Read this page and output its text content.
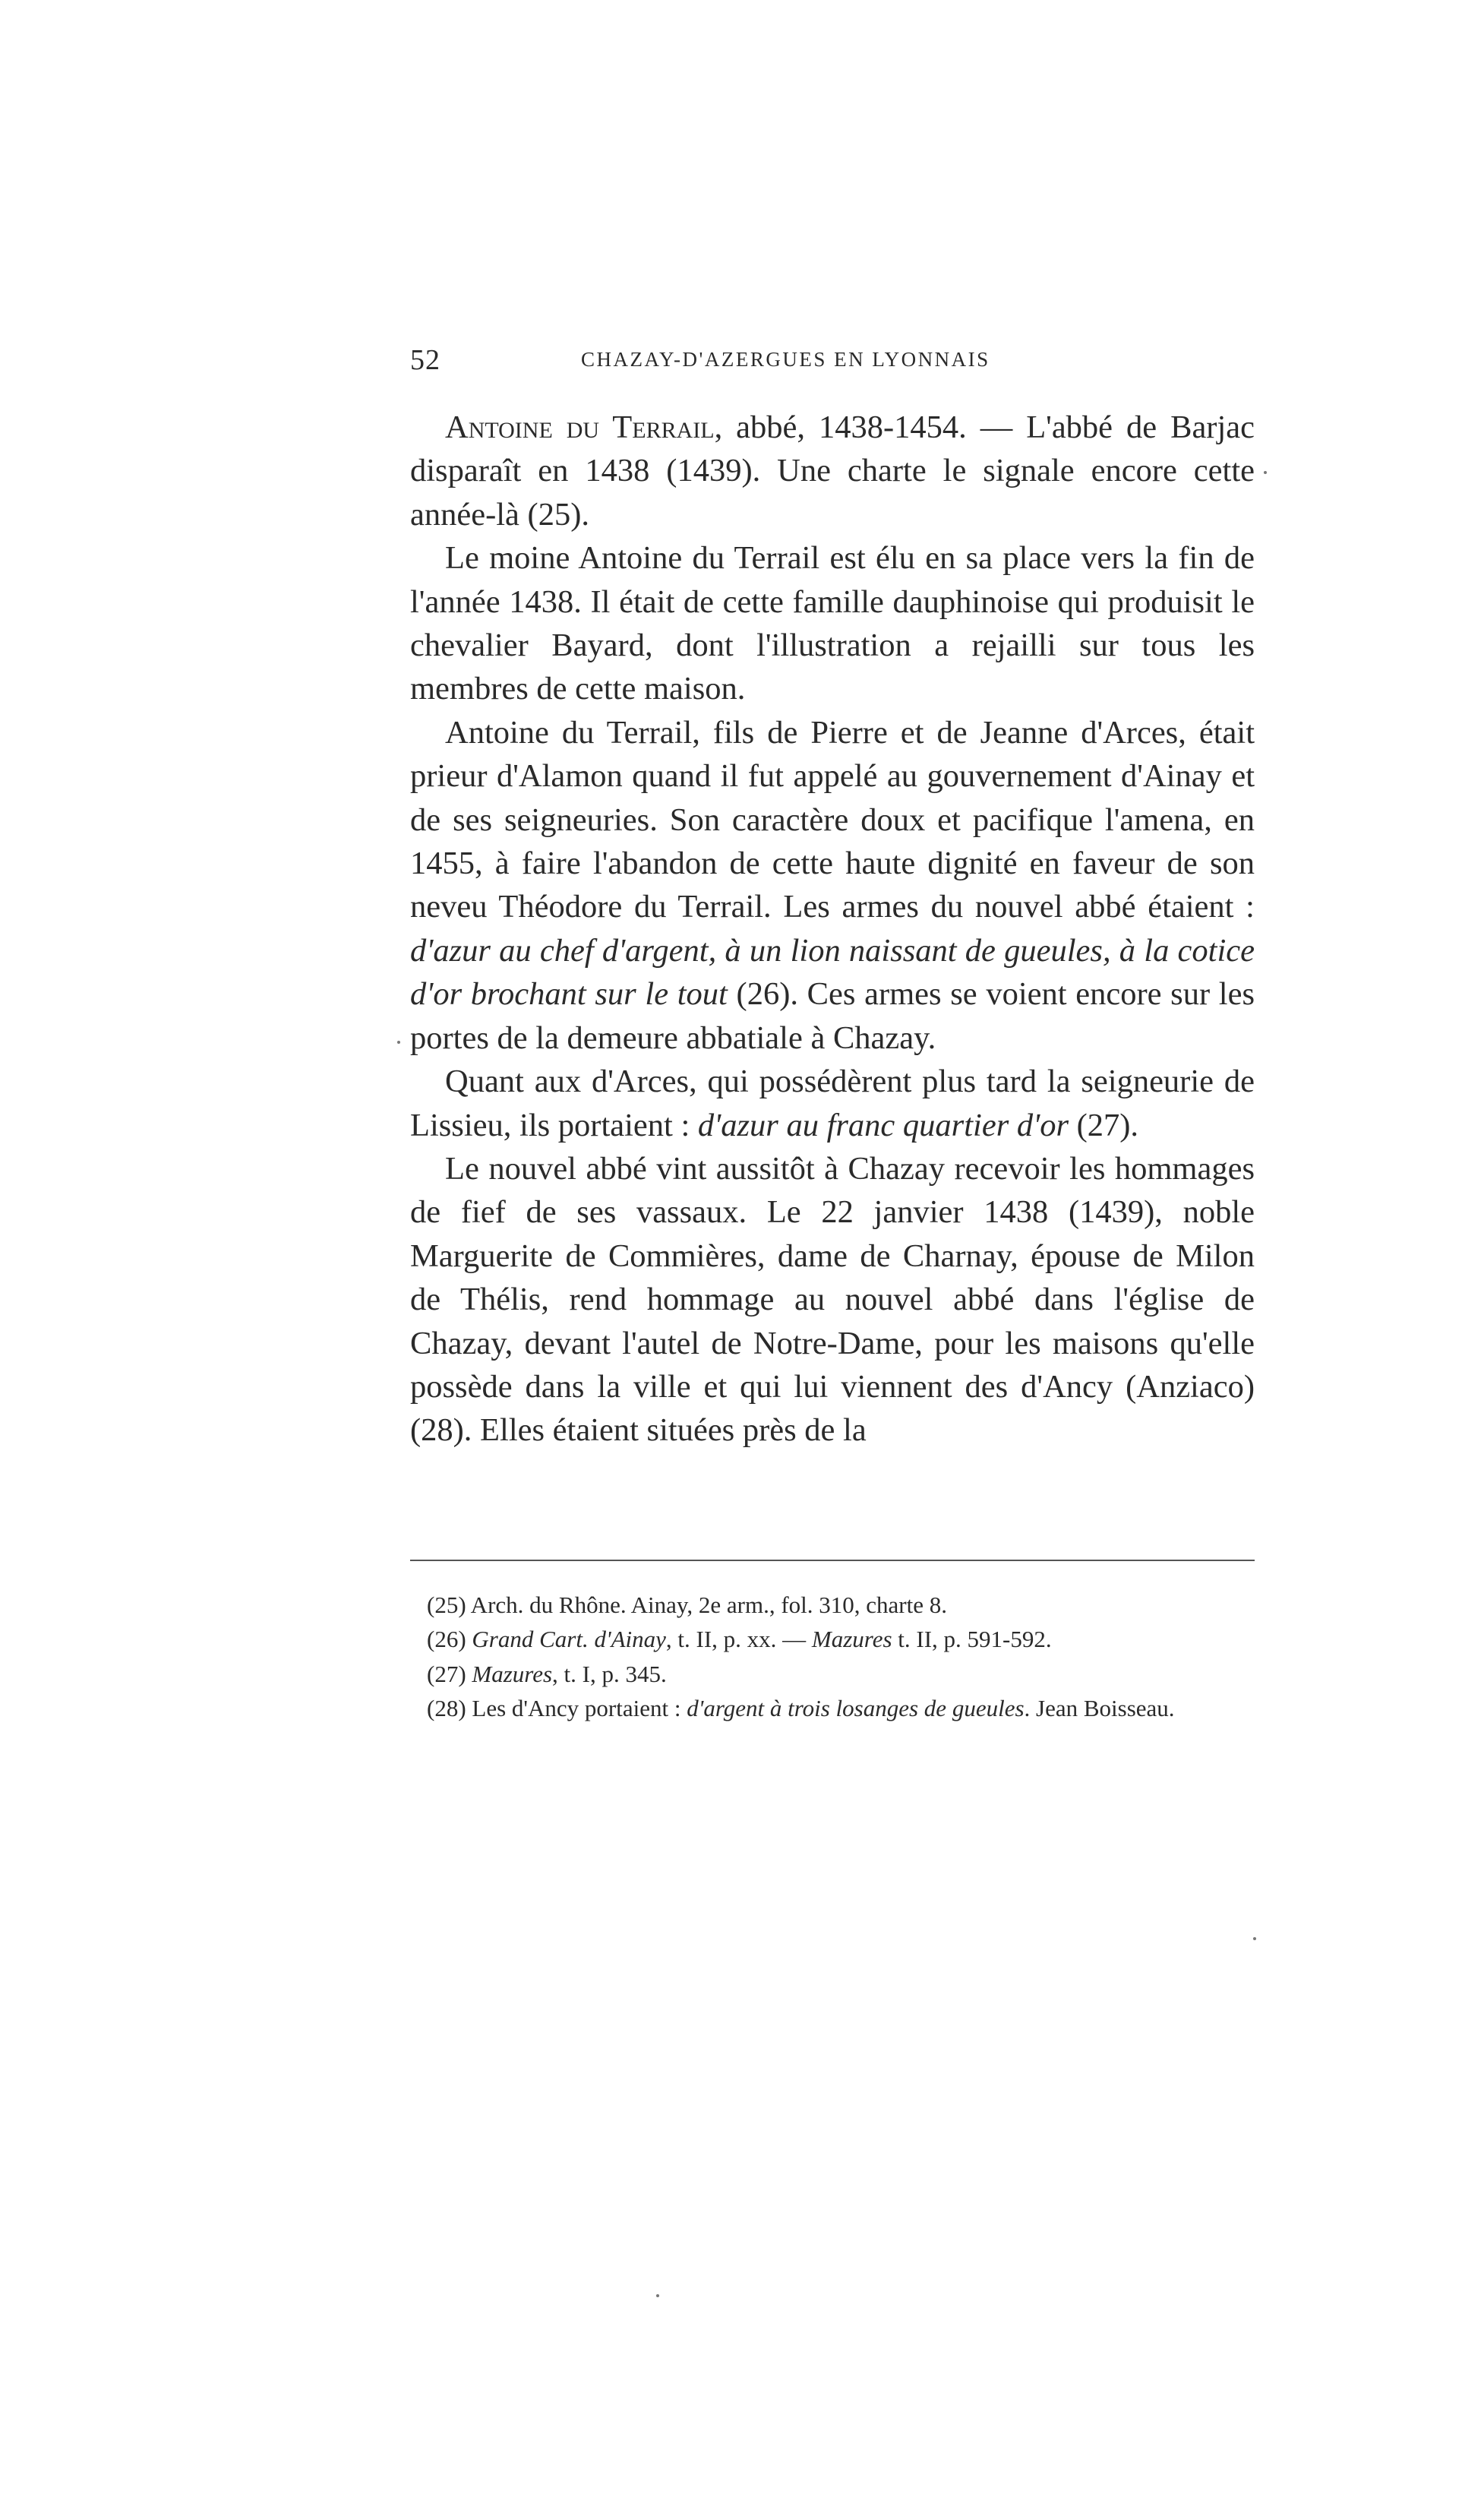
52	CHAZAY-D'AZERGUES EN LYONNAIS

Antoine du Terrail, abbé, 1438-1454. — L'abbé de Barjac disparaît en 1438 (1439). Une charte le signale encore cette année-là (25).

Le moine Antoine du Terrail est élu en sa place vers la fin de l'année 1438. Il était de cette famille dauphinoise qui produisit le chevalier Bayard, dont l'illustration a rejailli sur tous les membres de cette maison.

Antoine du Terrail, fils de Pierre et de Jeanne d'Arces, était prieur d'Alamon quand il fut appelé au gouvernement d'Ainay et de ses seigneuries. Son caractère doux et pacifique l'amena, en 1455, à faire l'abandon de cette haute dignité en faveur de son neveu Théodore du Terrail. Les armes du nouvel abbé étaient : d'azur au chef d'argent, à un lion naissant de gueules, à la cotice d'or brochant sur le tout (26). Ces armes se voient encore sur les portes de la demeure abbatiale à Chazay.

Quant aux d'Arces, qui possédèrent plus tard la seigneurie de Lissieu, ils portaient : d'azur au franc quartier d'or (27).

Le nouvel abbé vint aussitôt à Chazay recevoir les hommages de fief de ses vassaux. Le 22 janvier 1438 (1439), noble Marguerite de Commières, dame de Charnay, épouse de Milon de Thélis, rend hommage au nouvel abbé dans l'église de Chazay, devant l'autel de Notre-Dame, pour les maisons qu'elle possède dans la ville et qui lui viennent des d'Ancy (Anziaco) (28). Elles étaient situées près de la

(25) Arch. du Rhône. Ainay, 2e arm., fol. 310, charte 8.

(26) Grand Cart. d'Ainay, t. II, p. xx. — Mazures t. II, p. 591-592.

(27) Mazures, t. I, p. 345.

(28) Les d'Ancy portaient : d'argent à trois losanges de gueules. Jean Boisseau.
